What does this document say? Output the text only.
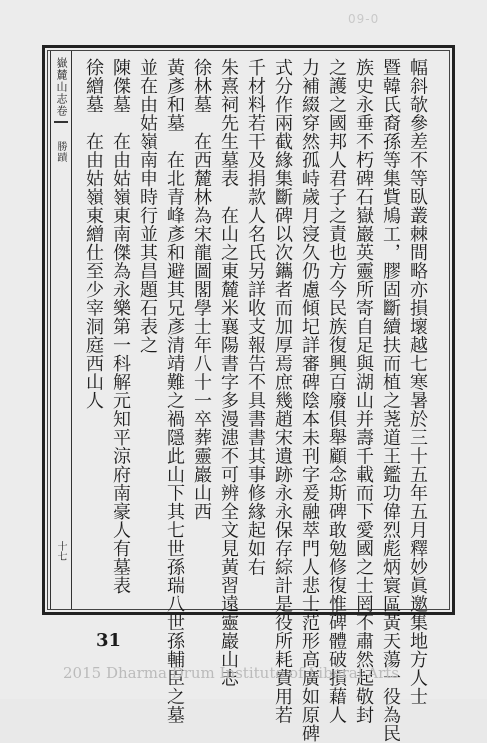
09-0
嶽麓山志卷
勝蹟
十七	幅斜欹參差不等臥叢棘間略亦損壞越七寒暑於三十五年五月釋妙眞邀集地方人士
暨韓氏裔孫等集貲鳩工，膠固斷續扶而植之荛道王鑑功偉烈彪炳寰區黃天蕩一役為民
族史永垂不朽碑石嶽巖英靈所寄自足與湖山并壽千載而下愛國之士罔不肅然起敬封
之護之國邦人君子之責也方今民族復興百廢俱舉顧念斯碑敢勉修復惟碑體破損藉人
力補綴穿然孤峙歲月寖久仍慮傾圮詳審碑陰本未刊字爰融萃門人悲士范形高廣如原碑
式分作兩截緣集斷碑以次鑴者而加厚焉庶幾趙宋遺跡永永保存綜計是役所耗費用若
千材料若干及捐款人名氏另詳收支報告不具書書其事修緣起如右
朱熹祠先生墓表　在山之東麓米襄陽書字多漫漶不可辨全文見黃習遠靈巖山志
徐林墓　在西麓林為宋龍圖閣學士年八十一卒葬靈巖山西
黃彥和墓　在北青峰彥和避其兄彥清靖難之禍隱此山下其七世孫瑞八世孫輔臣之墓
並在由姑嶺南申時行並其昌題石表之
陳傑墓　在由姑嶺東南傑為永樂第一科解元知平涼府南豪人有墓表
徐繒墓　在由姑嶺東繒仕至少宰洞庭西山人
31
2015 Dharma Drum Institute of Liberal Arts
